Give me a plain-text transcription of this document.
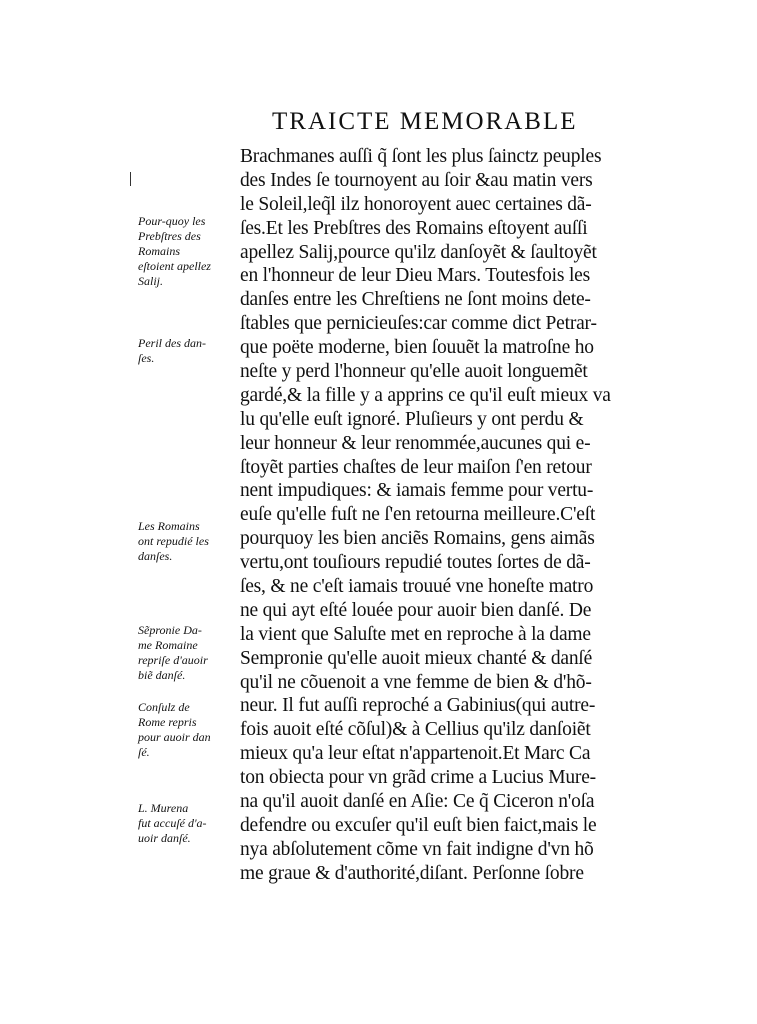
TRAICTE MEMORABLE
Brachmanes auſſi q̃ ſont les plus ſainctz peuples
des Indes ſe tournoyent au ſoir &au matin vers
le Soleil,leq̃l ilz honoroyent auec certaines dã-
ſes.Et les Prebſtres des Romains eſtoyent auſſi
apellez Salij,pource qu'ilz danſoyẽt & ſaultoyẽt
en l'honneur de leur Dieu Mars. Toutesfois les
danſes entre les Chreſtiens ne ſont moins dete-
ſtables que pernicieuſes:car comme dict Petrar-
que poëte moderne, bien ſouuẽt la matroſne ho
neſte y perd l'honneur qu'elle auoit longuemẽt
gardé,& la fille y a apprins ce qu'il euſt mieux va
lu qu'elle euſt ignoré. Pluſieurs y ont perdu &
leur honneur & leur renommée,aucunes qui e-
ſtoyẽt parties chaſtes de leur maiſon ſ'en retour
nent impudiques: & iamais femme pour vertu-
euſe qu'elle fuſt ne ſ'en retourna meilleure.C'eſt
pourquoy les bien anciẽs Romains, gens aimãs
vertu,ont touſiours repudié toutes ſortes de dã-
ſes, & ne c'eſt iamais trouué vne honeſte matro
ne qui ayt eſté louée pour auoir bien danſé. De
la vient que Saluſte met en reproche à la dame
Sempronie qu'elle auoit mieux chanté & danſé
qu'il ne cõuenoit a vne femme de bien & d'hõ-
neur. Il fut auſſi reproché a Gabinius(qui autre-
fois auoit eſté cõſul)& à Cellius qu'ilz danſoiẽt
mieux qu'a leur eſtat n'appartenoit.Et Marc Ca
ton obiecta pour vn grãd crime a Lucius Mure-
na qu'il auoit danſé en Aſie: Ce q̃ Ciceron n'oſa
defendre ou excuſer qu'il euſt bien faict,mais le
nya abſolutement cõme vn fait indigne d'vn hõ
me graue & d'authorité,diſant. Perſonne ſobre
Pour-quoy les
Prebſtres des
Romains
eſtoient apellez
Salij.
Peril des dan-
ſes.
Les Romains
ont repudié les
danſes.
Sẽpronie Da-
me Romaine
repriſe d'auoir
biẽ danſé.
Conſulz de
Rome repris
pour auoir dan
ſé.
L. Murena
fut accuſé d'a-
uoir danſé.
